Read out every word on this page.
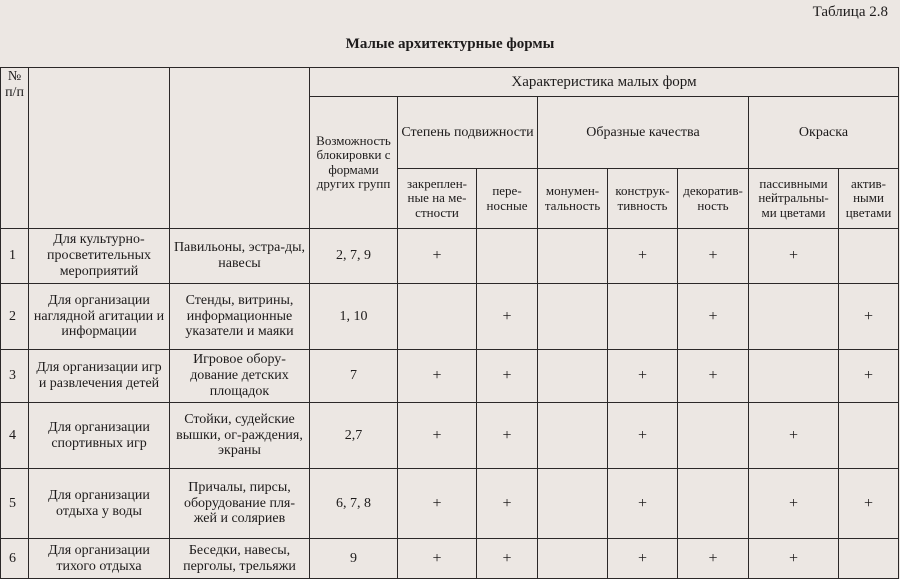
Таблица 2.8
Малые архитектурные формы
№ п/п			Характеристика малых форм							
			Возможность блокировки с формами других групп	Степень подвижности		Образные качества			Окраска	
				закреплен-ные на ме-стности	пере-носные	монумен-тальность	конструк-тивность	декоратив-ность	пассивными нейтральны-ми цветами	актив-ными цветами
1	Для культурно-просветительных мероприятий	Павильоны, эстра-ды, навесы	2, 7, 9	+			+	+	+	
2	Для организации наглядной агитации и информации	Стенды, витрины, информационные указатели и маяки	1, 10		+			+		+
3	Для организации игр и развлечения детей	Игровое обору-дование детских площадок	7	+	+		+	+		+
4	Для организации спортивных игр	Стойки, судейские вышки, ог-раждения, экраны	2,7	+	+		+		+	
5	Для организации отдыха у воды	Причалы, пирсы, оборудование пля-жей и соляриев	6, 7, 8	+	+		+		+	+
6	Для организации тихого отдыха	Беседки, навесы, перголы, трельяжи	9	+	+		+	+	+	
